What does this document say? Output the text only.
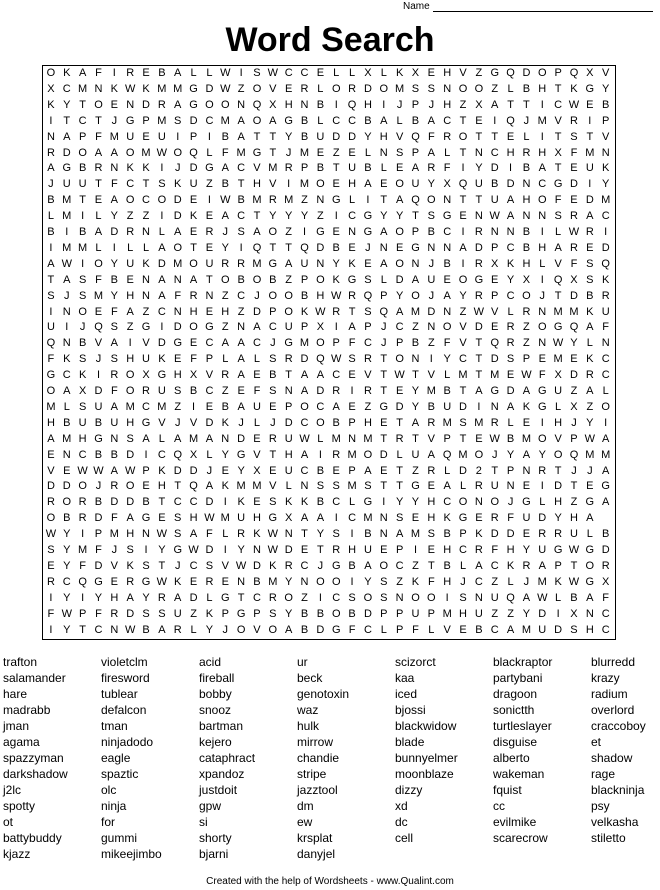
Name
Word Search
O K A F I R E B A L L W I S W C C E L L X L K X E H V Z G Q D O P Q X V
X C M N K W K M M G D W Z O V E R L O R D O M S S N O O Z L B H T K G Y
K Y T O E N D R A G O O N Q X H N B I Q H I	J P J H Z X A T T I C W E B
I T C T J G P M S D C M A O A G B L C C B A L B A C T E I Q J M V R I P
N A P F M U E U I P I B A T T Y B U D D Y H V Q F R O T T E L	I T S T V
R D O A A O M W O Q L F M G T J M E Z E L N S P A L T N C H R H X F M N
A G B R N K K I	J D G A C V M R P B T U B L E A R F I Y D I B A T E U K
J U U T F C T S K U Z B T H V I M O E H A E O U Y X Q U B D N C G D I Y
B M T E A O C O D E I W B M R M Z N G L	I T A Q O N T T U A H O F E D M
L M I	L Y Z Z I D K E A C T Y Y Y Z I C G Y Y T S G E N W A N N S R A C
B I B A D R N L A E R J S A O Z I G E N G A O P B C I R N N B I	L W R I
I M M L	I	L L A O T E Y I Q T T Q D B E J N E G N N A D P C B H A R E D
A W I O Y U K D M O U R R M G A U N Y K E A O N J B I R X K H L V F S Q
T A S F B E N A N A T O B O B Z P O K G S L D A U E O G E Y X I Q X S K
S J S M Y H N A F R N Z C J O O B H W R Q P Y O J A Y R P C O J T D B R
I N O E F A Z C N H E H Z D P O K W R T S Q A M D N Z W V L R N M M K U
U I	J Q S Z G I D O G Z N A C U P X I A P J C Z N O V D E R Z O G Q A F
Q N B V A I V D G E C A A C J G M O P F C J P B Z F V T Q R Z N W Y L N
F K S J S H U K E F P L A L S R D Q W S R T O N I Y C T D S P E M E K C
G C K I R O X G H X V R A E B T A A C E V T W T V L M T M E W F X D R C
O A X D F O R U S B C Z E F S N A D R I R T E Y M B T A G D A G U Z A L
M L S U A M C M Z I E B A U E P O C A E Z G D Y B U D I N A K G L X Z O
H B U B U H G V J V D K J L J D C O B P H E T A R M S M R L E I H J Y I
A M H G N S A L A M A N D E R U W L M N M T R T V P T E W B M O V P W A
E N C B B D I C Q X L Y G V T H A I R M O D L U A Q M O J Y A Y O Q M M
V E W W A W P K D D J E Y X E U C B E P A E T Z R L D 2 T P N R T J J A
D D O J R O E H T Q A K M M V L N S S M S T T G E A L R U N E I D T E G
R O R B D D B T C C D I K E S K K B C L G I Y Y H C O N O J G L H Z G A
O B R D F A G E S H W M U H G X A A I C M N S E H K G E R F U D Y H A
W Y I P M H N W S A F L R K W N T Y S I B N A M S B P K D D E R R U L B
S Y M F J S I Y G W D I Y N W D E T R H U E P I E H C R F H Y U G W G D
E Y F D V K S T J C S V W D K R C J G B A O C Z T B L A C K R A P T O R
R C Q G E R G W K E R E N B M Y N O O I Y S Z K F H J C Z L J M K W G X
I Y I Y H A Y R A D L G T C R O Z I C S O S N O O I S N U Q A W L B A F
F W P F R D S S U Z K P G P S Y B B O B D P P U P M H U Z Z Y D I X N C
I Y T C N W B A R L Y J O V O A B D G F C L P F L V E B C A M U D S H C
trafton
salamander
hare
madrabb
jman
agama
spazzyman
darkshadow
j2lc
spotty
ot
battybuddy
kjazz
violetclm
firesword
tublear
defalcon
tman
ninjadodo
eagle
spaztic
olc
ninja
for
gummi
mikeejimbo
acid
fireball
bobby
snooz
bartman
kejero
cataphract
xpandoz
justdoit
gpw
si
shorty
bjarni
ur
beck
genotoxin
waz
hulk
mirrow
chandie
stripe
jazztool
dm
ew
krsplat
danyjel
scizorct
kaa
iced
bjossi
blackwidow
blade
bunnyelmer
moonblaze
dizzy
xd
dc
cell
blackraptor
partybani
dragoon
sonictth
turtleslayer
disguise
alberto
wakeman
fquist
cc
evilmike
scarecrow
blurredd
krazy
radium
overlord
craccoboy
et
shadow
rage
blackninja
psy
velkasha
stiletto
Created with the help of Wordsheets - www.Qualint.com
